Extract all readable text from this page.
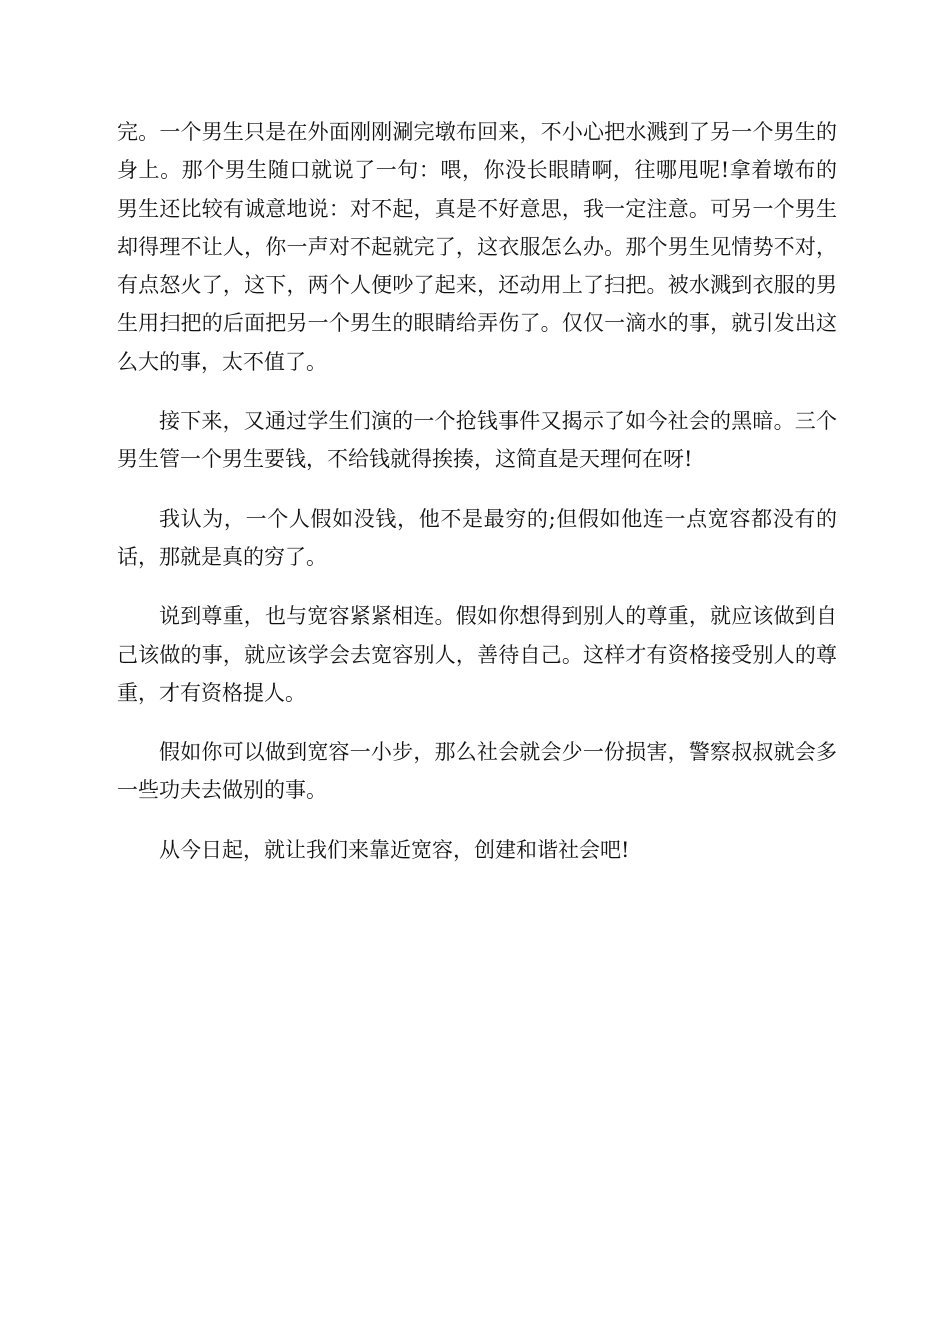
完。一个男生只是在外面刚刚涮完墩布回来，不小心把水溅到了另一个男生的身上。那个男生随口就说了一句：喂，你没长眼睛啊，往哪甩呢!拿着墩布的男生还比较有诚意地说：对不起，真是不好意思，我一定注意。可另一个男生却得理不让人，你一声对不起就完了，这衣服怎么办。那个男生见情势不对，有点怒火了，这下，两个人便吵了起来，还动用上了扫把。被水溅到衣服的男生用扫把的后面把另一个男生的眼睛给弄伤了。仅仅一滴水的事，就引发出这么大的事，太不值了。

接下来，又通过学生们演的一个抢钱事件又揭示了如今社会的黑暗。三个男生管一个男生要钱，不给钱就得挨揍，这简直是天理何在呀!

我认为，一个人假如没钱，他不是最穷的;但假如他连一点宽容都没有的话，那就是真的穷了。

说到尊重，也与宽容紧紧相连。假如你想得到别人的尊重，就应该做到自己该做的事，就应该学会去宽容别人，善待自己。这样才有资格接受别人的尊重，才有资格提人。

假如你可以做到宽容一小步，那么社会就会少一份损害，警察叔叔就会多一些功夫去做别的事。

从今日起，就让我们来靠近宽容，创建和谐社会吧!
